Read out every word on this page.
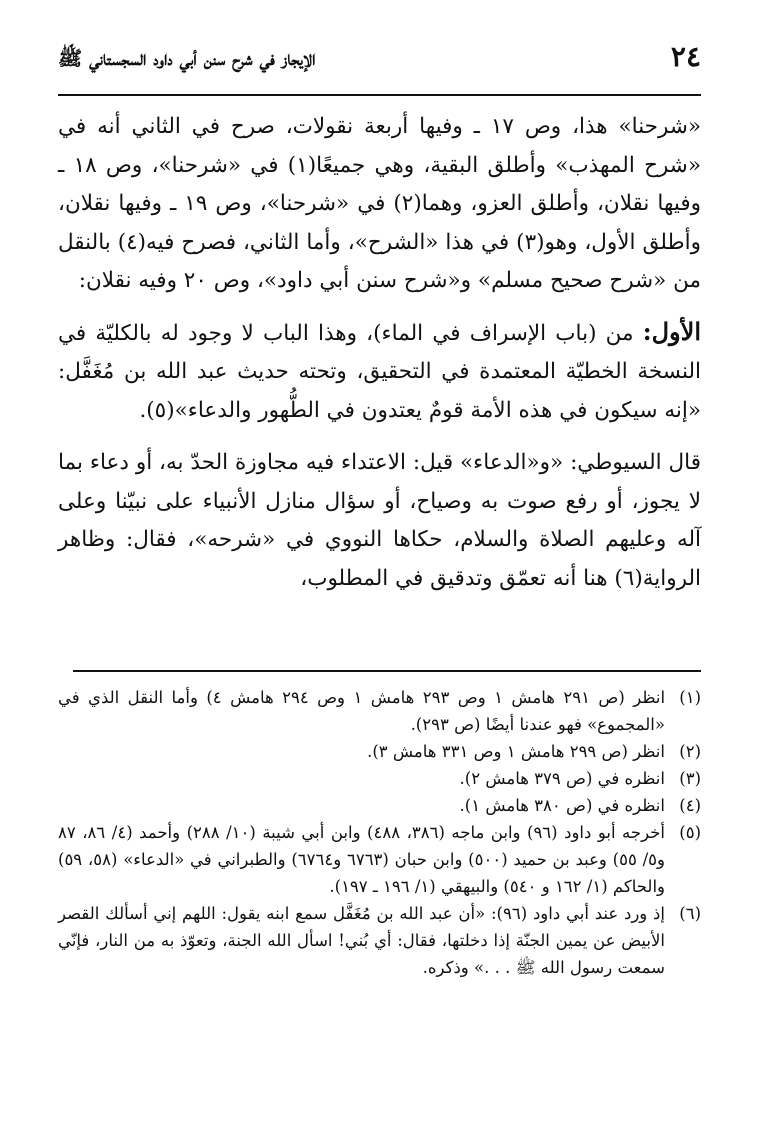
٢٤
الإيجاز في شرح سنن أبي داود السجستاني ﷺ

«شرحنا» هذا، وص ١٧ ـ وفيها أربعة نقولات، صرح في الثاني أنه في «شرح المهذب» وأطلق البقية، وهي جميعًا(١) في «شرحنا»، وص ١٨ ـ وفيها نقلان، وأطلق العزو، وهما(٢) في «شرحنا»، وص ١٩ ـ وفيها نقلان، وأطلق الأول، وهو(٣) في هذا «الشرح»، وأما الثاني، فصرح فيه(٤) بالنقل من «شرح صحيح مسلم» و«شرح سنن أبي داود»، وص ٢٠ وفيه نقلان:

الأول: من (باب الإسراف في الماء)، وهذا الباب لا وجود له بالكليّة في النسخة الخطيّة المعتمدة في التحقيق، وتحته حديث عبد الله بن مُغَفَّل: «إنه سيكون في هذه الأمة قومٌ يعتدون في الطُّهور والدعاء»(٥).

قال السيوطي: «و«الدعاء» قيل: الاعتداء فيه مجاوزة الحدّ به، أو دعاء بما لا يجوز، أو رفع صوت به وصياح، أو سؤال منازل الأنبياء على نبيّنا وعلى آله وعليهم الصلاة والسلام، حكاها النووي في «شرحه»، فقال: وظاهر الرواية(٦) هنا أنه تعمّق وتدقيق في المطلوب،

( ١ )
انظر (ص ٢٩١ هامش ١ وص ٢٩٣ هامش ١ وص ٢٩٤ هامش ٤) وأما النقل الذي في «المجموع» فهو عندنا أيضًا (ص ٢٩٣).
( ٢ )
انظر (ص ٢٩٩ هامش ١ وص ٣٣١ هامش ٣).
( ٣ )
انظره في (ص ٣٧٩ هامش ٢).
( ٤ )
انظره في (ص ٣٨٠ هامش ١).
( ٥ )
أخرجه أبو داود (٩٦) وابن ماجه (٣٨٦، ٤٨٨) وابن أبي شيبة (١٠/ ٢٨٨) وأحمد (٤/ ٨٦، ٨٧ و٥/ ٥٥) وعبد بن حميد (٥٠٠) وابن حبان (٦٧٦٣ و٦٧٦٤) والطبراني في «الدعاء» (٥٨، ٥٩) والحاكم (١/ ١٦٢ و ٥٤٠) والبيهقي (١/ ١٩٦ ـ ١٩٧).
( ٦ )
إذ ورد عند أبي داود (٩٦): «أن عبد الله بن مُغَفَّل سمع ابنه يقول: اللهم إني أسألك القصر الأبيض عن يمين الجنّة إذا دخلتها، فقال: أي بُني! اسأل الله الجنة، وتعوّذ به من النار، فإنّي سمعت رسول الله ﷺ . . .» وذكره.
